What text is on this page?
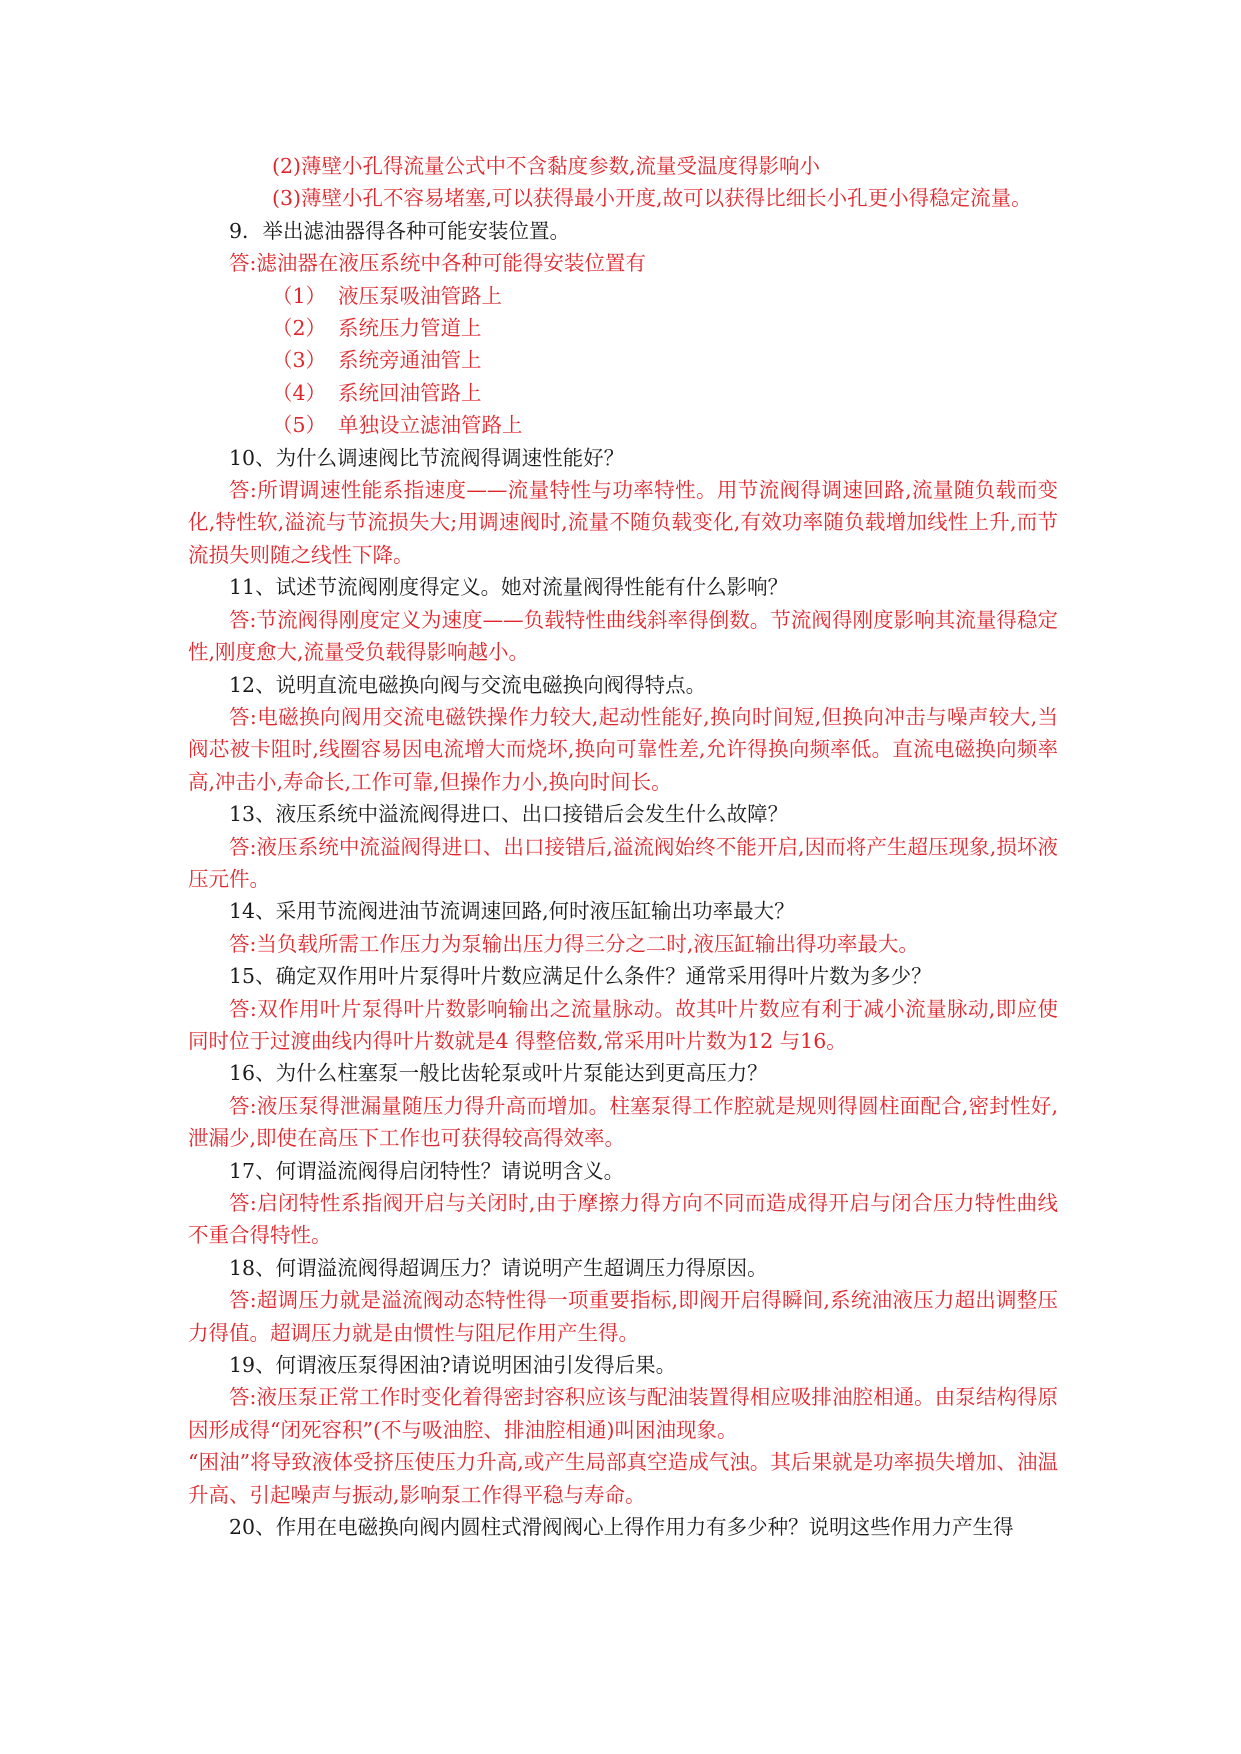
(2)薄壁小孔得流量公式中不含黏度参数,流量受温度得影响小

(3)薄壁小孔不容易堵塞,可以获得最小开度,故可以获得比细长小孔更小得稳定流量。

9．举出滤油器得各种可能安装位置。

答:滤油器在液压系统中各种可能得安装位置有

（1） 液压泵吸油管路上

（2） 系统压力管道上

（3） 系统旁通油管上

（4） 系统回油管路上

（5） 单独设立滤油管路上

10、为什么调速阀比节流阀得调速性能好？

答:所谓调速性能系指速度——流量特性与功率特性。用节流阀得调速回路,流量随负载而变化,特性软,溢流与节流损失大;用调速阀时,流量不随负载变化,有效功率随负载增加线性上升,而节流损失则随之线性下降。

11、试述节流阀刚度得定义。她对流量阀得性能有什么影响？

答:节流阀得刚度定义为速度——负载特性曲线斜率得倒数。节流阀得刚度影响其流量得稳定性,刚度愈大,流量受负载得影响越小。

12、说明直流电磁换向阀与交流电磁换向阀得特点。

答:电磁换向阀用交流电磁铁操作力较大,起动性能好,换向时间短,但换向冲击与噪声较大,当阀芯被卡阻时,线圈容易因电流增大而烧坏,换向可靠性差,允许得换向频率低。直流电磁换向频率高,冲击小,寿命长,工作可靠,但操作力小,换向时间长。

13、液压系统中溢流阀得进口、出口接错后会发生什么故障？

答:液压系统中流溢阀得进口、出口接错后,溢流阀始终不能开启,因而将产生超压现象,损坏液压元件。

14、采用节流阀进油节流调速回路,何时液压缸输出功率最大？

答:当负载所需工作压力为泵输出压力得三分之二时,液压缸输出得功率最大。

15、确定双作用叶片泵得叶片数应满足什么条件？通常采用得叶片数为多少？

答:双作用叶片泵得叶片数影响输出之流量脉动。故其叶片数应有利于减小流量脉动,即应使同时位于过渡曲线内得叶片数就是4 得整倍数,常采用叶片数为12 与16。

16、为什么柱塞泵一般比齿轮泵或叶片泵能达到更高压力？

答:液压泵得泄漏量随压力得升高而增加。柱塞泵得工作腔就是规则得圆柱面配合,密封性好,泄漏少,即使在高压下工作也可获得较高得效率。

17、何谓溢流阀得启闭特性？请说明含义。

答:启闭特性系指阀开启与关闭时,由于摩擦力得方向不同而造成得开启与闭合压力特性曲线不重合得特性。

18、何谓溢流阀得超调压力？请说明产生超调压力得原因。

答:超调压力就是溢流阀动态特性得一项重要指标,即阀开启得瞬间,系统油液压力超出调整压力得值。超调压力就是由惯性与阻尼作用产生得。

19、何谓液压泵得困油?请说明困油引发得后果。

答:液压泵正常工作时变化着得密封容积应该与配油装置得相应吸排油腔相通。由泵结构得原因形成得“闭死容积”(不与吸油腔、排油腔相通)叫困油现象。

“困油”将导致液体受挤压使压力升高,或产生局部真空造成气浊。其后果就是功率损失增加、油温升高、引起噪声与振动,影响泵工作得平稳与寿命。

20、作用在电磁换向阀内圆柱式滑阀阀心上得作用力有多少种？说明这些作用力产生得
